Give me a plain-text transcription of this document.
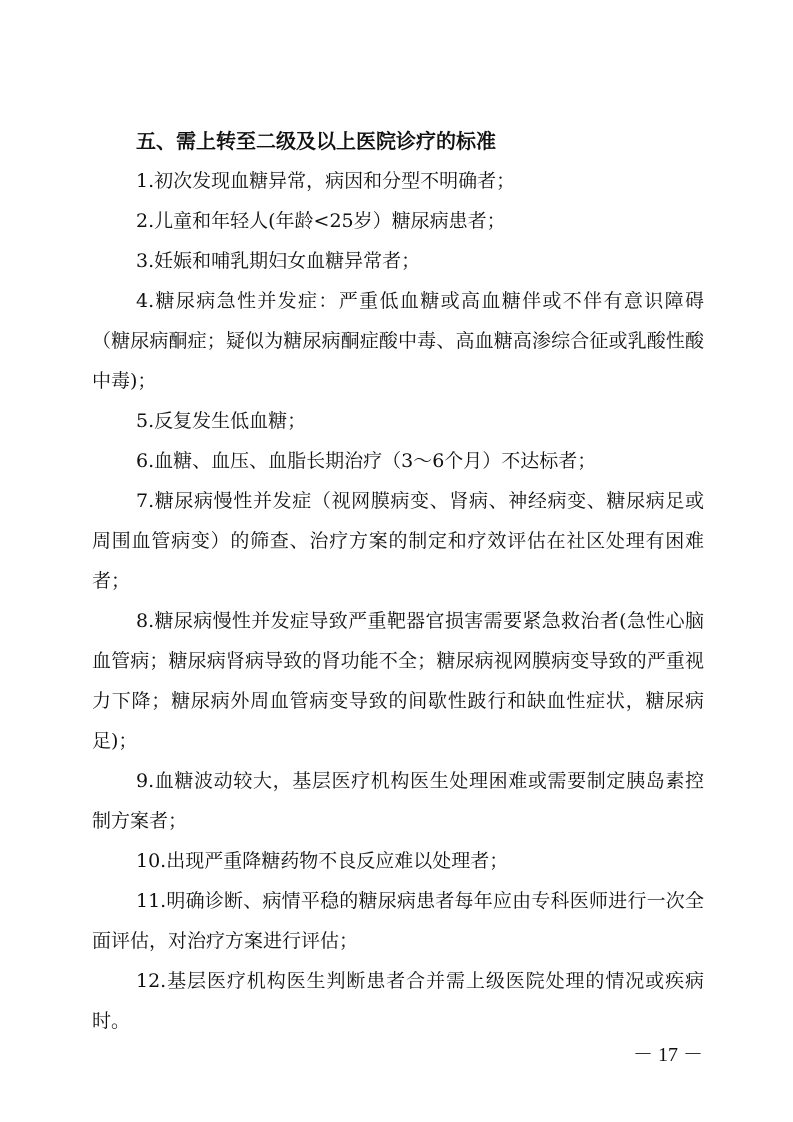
五、需上转至二级及以上医院诊疗的标准

1.初次发现血糖异常，病因和分型不明确者；

2.儿童和年轻人(年龄<25岁）糖尿病患者；

3.妊娠和哺乳期妇女血糖异常者；

4.糖尿病急性并发症：严重低血糖或高血糖伴或不伴有意识障碍（糖尿病酮症；疑似为糖尿病酮症酸中毒、高血糖高渗综合征或乳酸性酸中毒)；

5.反复发生低血糖；

6.血糖、血压、血脂长期治疗（3～6个月）不达标者；

7.糖尿病慢性并发症（视网膜病变、肾病、神经病变、糖尿病足或周围血管病变）的筛查、治疗方案的制定和疗效评估在社区处理有困难者；

8.糖尿病慢性并发症导致严重靶器官损害需要紧急救治者(急性心脑血管病；糖尿病肾病导致的肾功能不全；糖尿病视网膜病变导致的严重视力下降；糖尿病外周血管病变导致的间歇性跛行和缺血性症状，糖尿病足)；

9.血糖波动较大，基层医疗机构医生处理困难或需要制定胰岛素控制方案者；

10.出现严重降糖药物不良反应难以处理者；

11.明确诊断、病情平稳的糖尿病患者每年应由专科医师进行一次全面评估，对治疗方案进行评估；

12.基层医疗机构医生判断患者合并需上级医院处理的情况或疾病时。

－ 17 －
